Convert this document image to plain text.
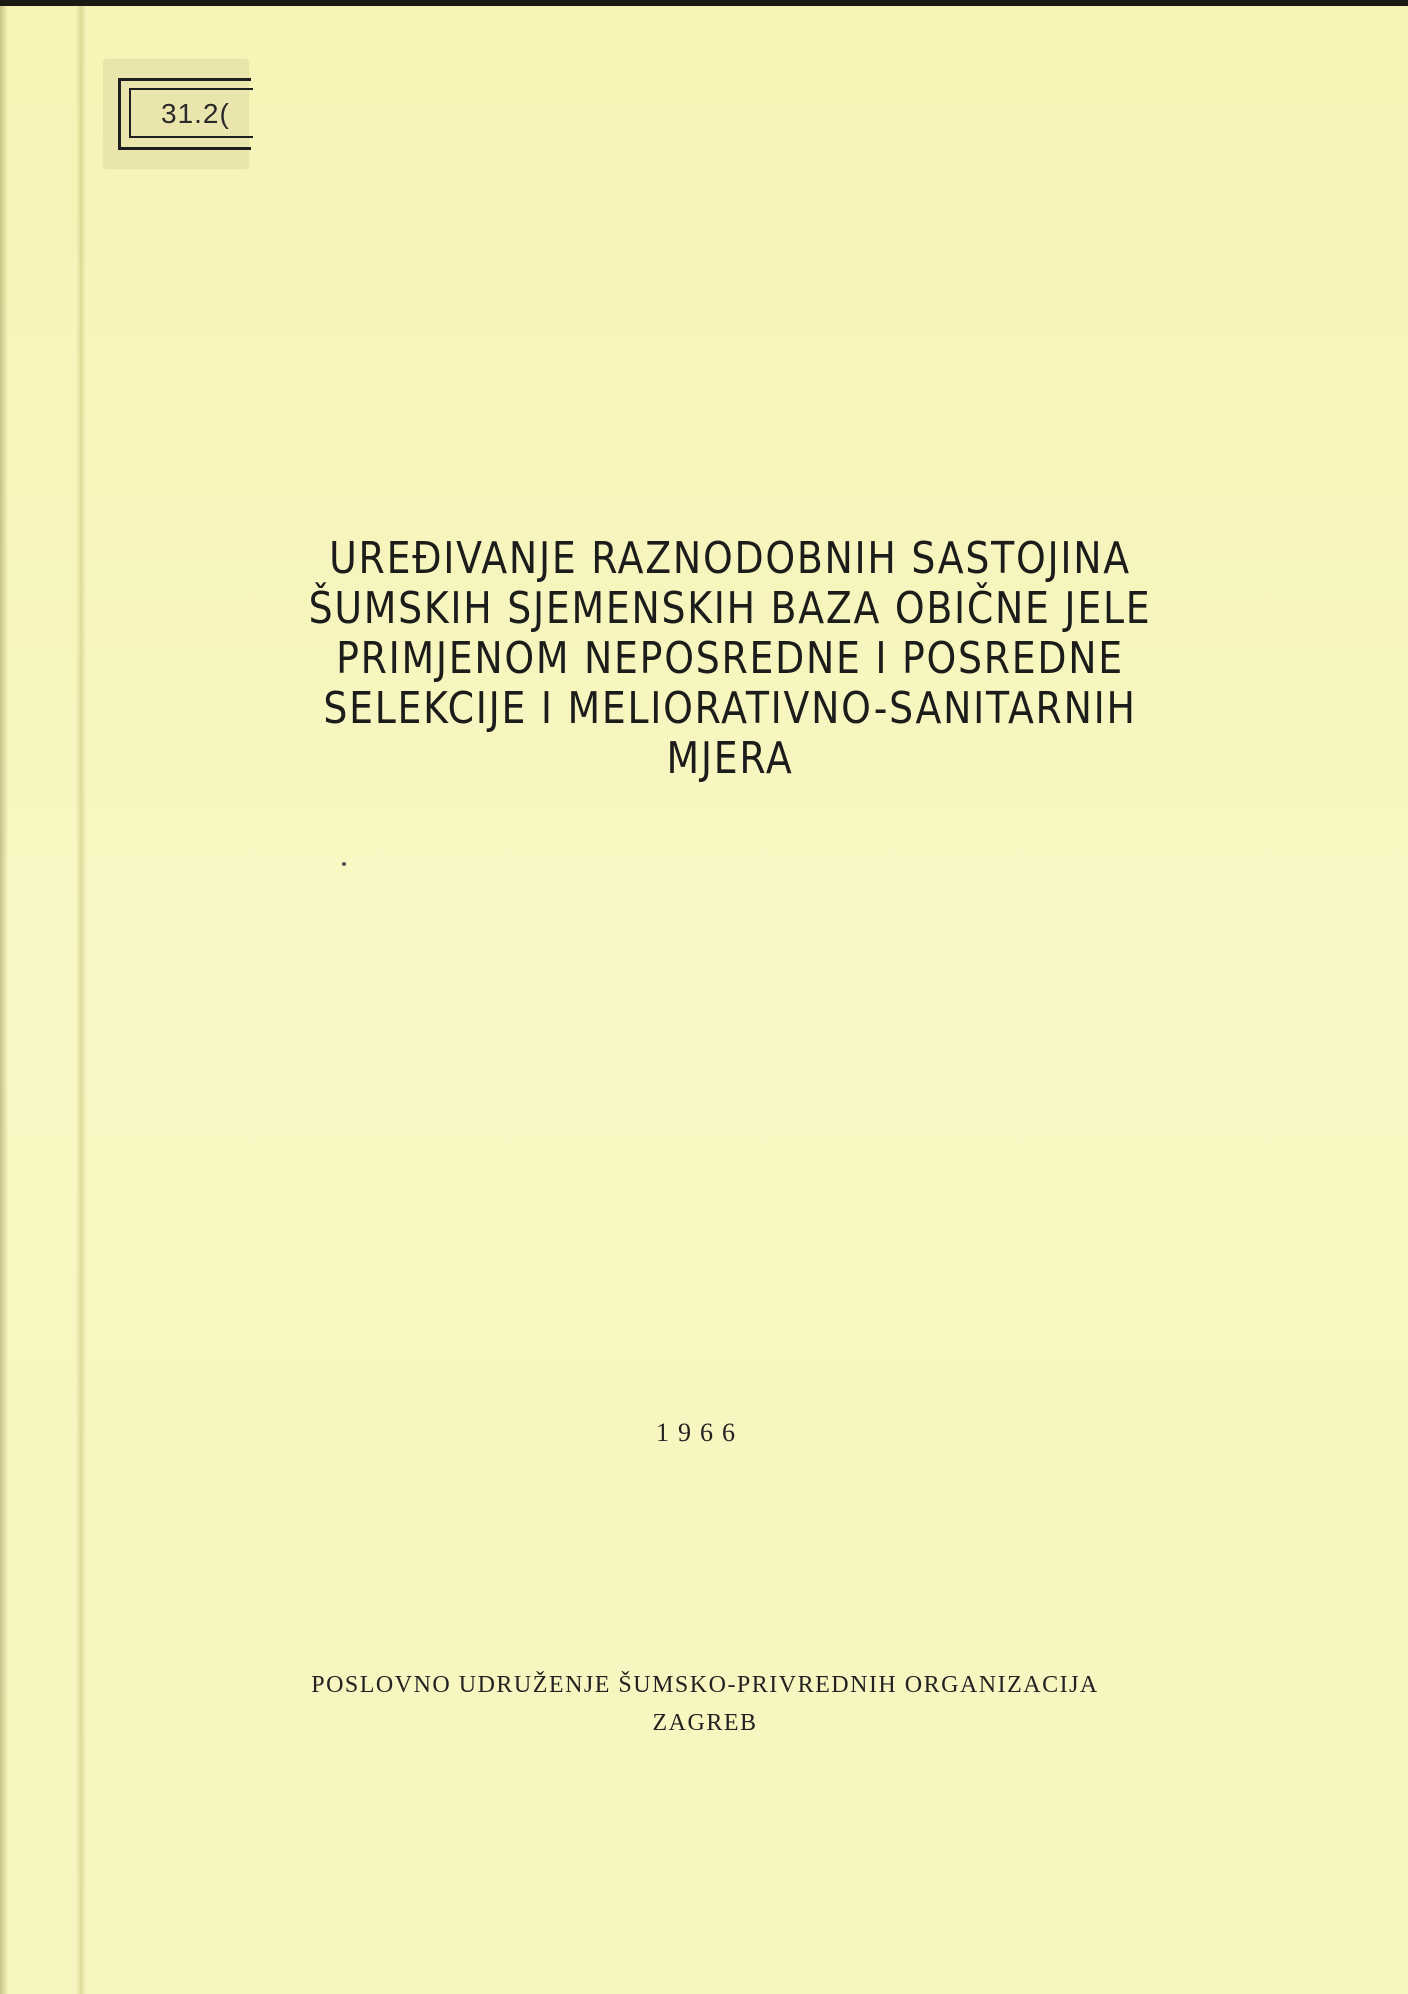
31.2(
UREĐIVANJE RAZNODOBNIH SASTOJINA
ŠUMSKIH SJEMENSKIH BAZA OBIČNE JELE
PRIMJENOM NEPOSREDNE I POSREDNE
SELEKCIJE I MELIORATIVNO-SANITARNIH
MJERA
1966
POSLOVNO UDRUŽENJE ŠUMSKO-PRIVREDNIH ORGANIZACIJA
ZAGREB
